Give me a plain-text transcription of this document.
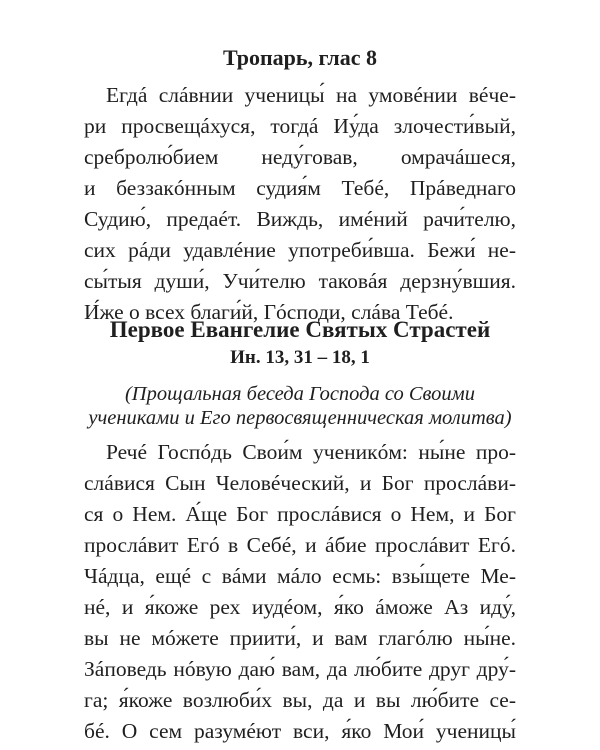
Тропарь, глас 8
Егдá слáвнии ученицы́ на умовéнии вéче-
ри просвещáхуся, тогдá Иу́да злочести́вый,
сребролю́бием неду́говав, омрачáшеся,
и беззакóнным судия́м Тебé, Прáведнаго
Судию́, предаéт. Виждь, имéний рачи́телю,
сих рáди удавлéние употреби́вша. Бежи́ не-
сы́тыя души́, Учи́телю таковáя дерзну́вшия.
И́же о всех благи́й, Гóсподи, слáва Тебé.
Первое Евангелие Святых Страстей
Ин. 13, 31 – 18, 1
(Прощальная беседа Господа со Своими
учениками и Его первосвященническая молитва)
Речé Госпóдь Свои́м ученикóм: ны́не про-
слáвися Сын Человéческий, и Бог прослáви-
ся о Нем. А́ще Бог прослáвися о Нем, и Бог
прослáвит Егó в Себé, и áбие прослáвит Егó.
Чáдца, ещé с вáми мáло есмь: взы́щете Ме-
нé, и я́коже рех иудéом, я́ко áможе Аз иду́,
вы не мóжете приити́, и вам глагóлю ны́не.
Зáповедь нóвую даю́ вам, да лю́бите друг дру́-
га; я́коже возлюби́х вы, да и вы лю́бите се-
бé. О сем разумéют вси, я́ко Мои́ ученицы́
